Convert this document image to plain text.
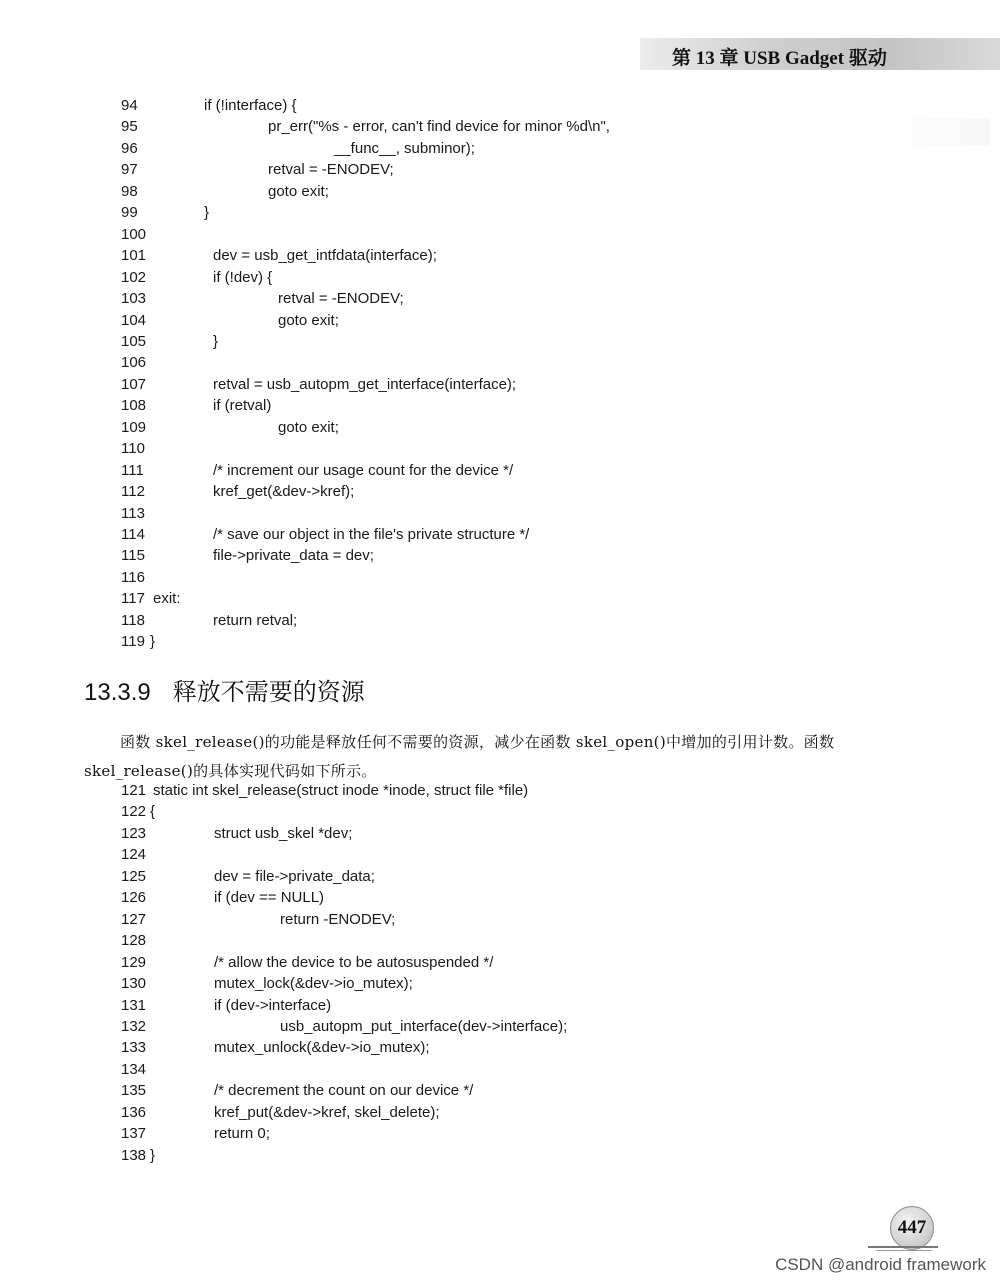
第 13 章 USB Gadget 驱动
94	if (!interface) {
95	pr_err("%s - error, can't find device for minor %d\n",
96	__func__, subminor);
97	retval = -ENODEV;
98	goto exit;
99	}
100
101	dev = usb_get_intfdata(interface);
102	if (!dev) {
103	retval = -ENODEV;
104	goto exit;
105	}
106
107	retval = usb_autopm_get_interface(interface);
108	if (retval)
109	goto exit;
110
111	/* increment our usage count for the device */
112	kref_get(&dev->kref);
113
114	/* save our object in the file's private structure */
115	file->private_data = dev;
116
117 exit:
118	return retval;
119 }
13.3.9 释放不需要的资源
函数 skel_release()的功能是释放任何不需要的资源，减少在函数 skel_open()中增加的引用计数。函数 skel_release()的具体实现代码如下所示。
121 static int skel_release(struct inode *inode, struct file *file)
122 {
123	struct usb_skel *dev;
124
125	dev = file->private_data;
126	if (dev == NULL)
127	return -ENODEV;
128
129	/* allow the device to be autosuspended */
130	mutex_lock(&dev->io_mutex);
131	if (dev->interface)
132	usb_autopm_put_interface(dev->interface);
133	mutex_unlock(&dev->io_mutex);
134
135	/* decrement the count on our device */
136	kref_put(&dev->kref, skel_delete);
137	return 0;
138 }
447
CSDN @android framework
